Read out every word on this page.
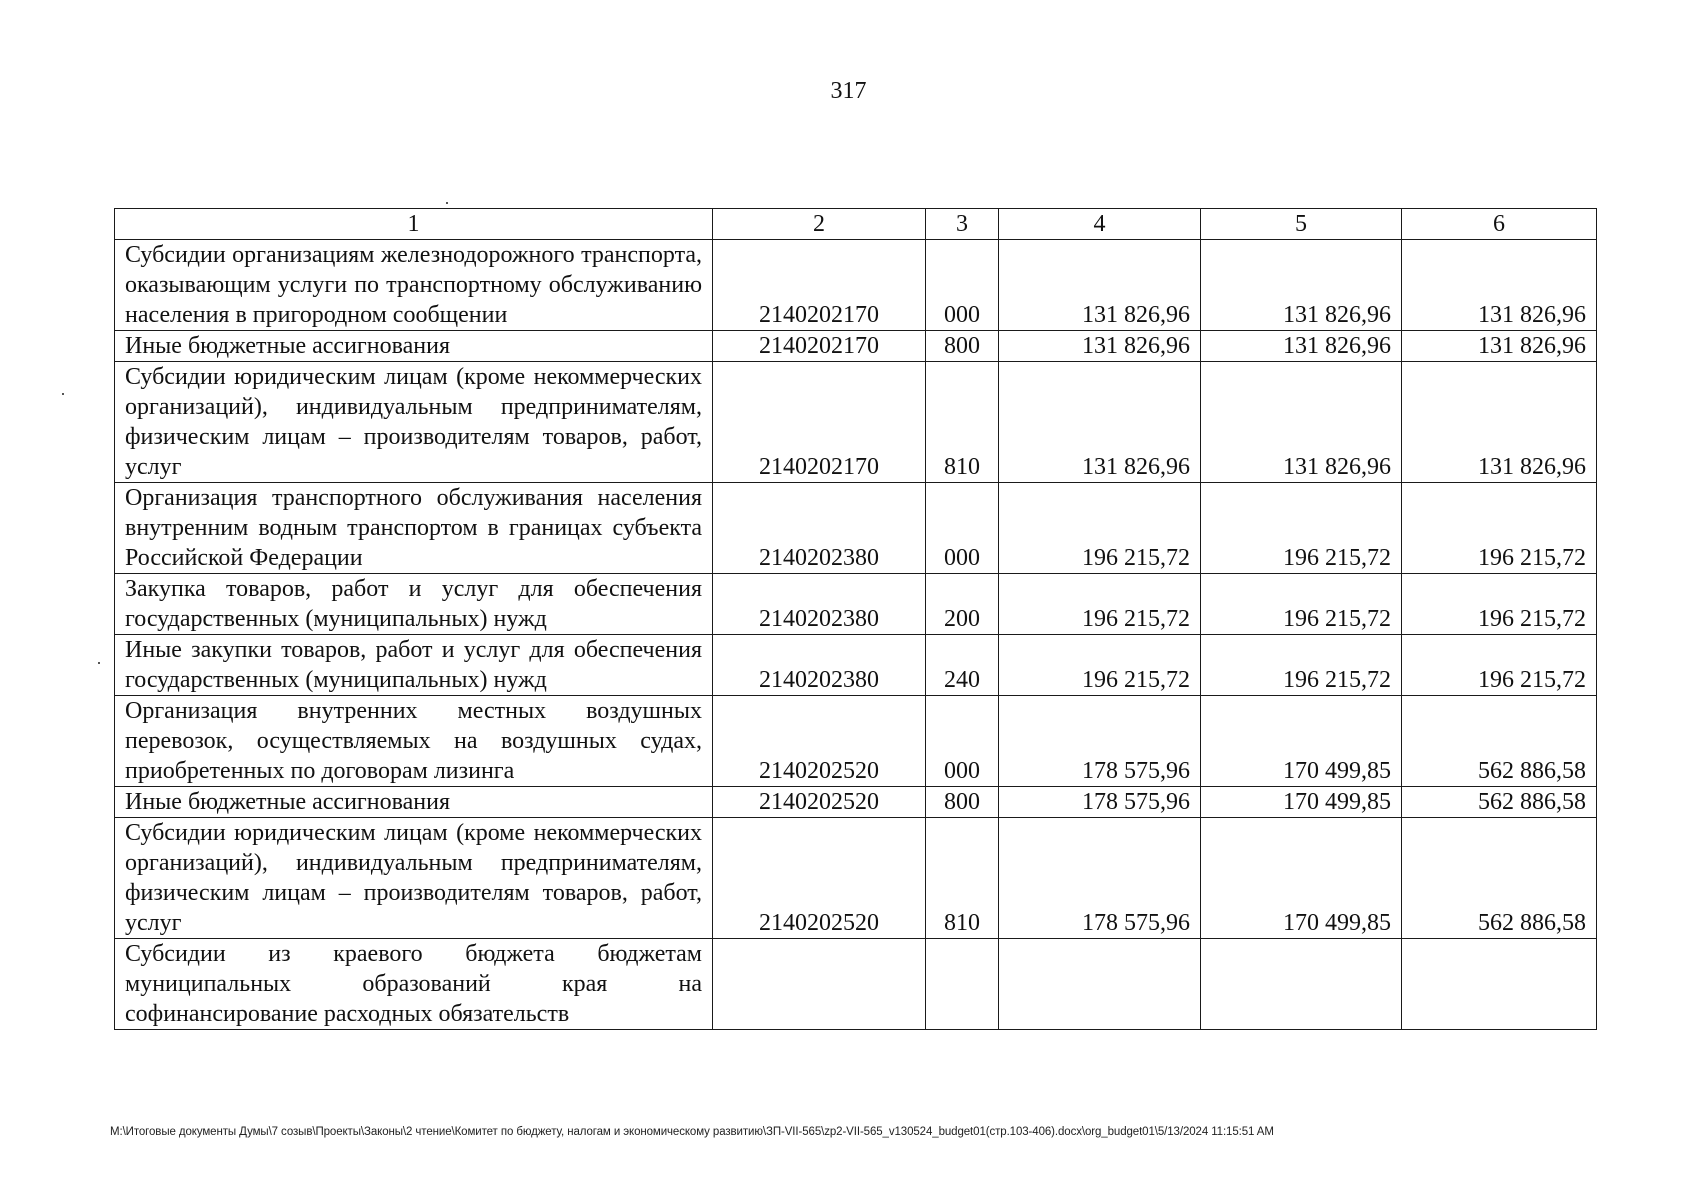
317
1	2	3	4	5	6
Субсидии организациям железнодорожного транспорта, оказывающим услуги по транспортному обслуживанию населения в пригородном сообщении	2140202170	000	131 826,96	131 826,96	131 826,96
Иные бюджетные ассигнования	2140202170	800	131 826,96	131 826,96	131 826,96
Субсидии юридическим лицам (кроме некоммерческих организаций), индивидуальным предпринимателям, физическим лицам – производителям товаров, работ, услуг	2140202170	810	131 826,96	131 826,96	131 826,96
Организация транспортного обслуживания населения внутренним водным транспортом в границах субъекта Российской Федерации	2140202380	000	196 215,72	196 215,72	196 215,72
Закупка товаров, работ и услуг для обеспечения государственных (муниципальных) нужд	2140202380	200	196 215,72	196 215,72	196 215,72
Иные закупки товаров, работ и услуг для обеспечения государственных (муниципальных) нужд	2140202380	240	196 215,72	196 215,72	196 215,72
Организация внутренних местных воздушных перевозок, осуществляемых на воздушных судах, приобретенных по договорам лизинга	2140202520	000	178 575,96	170 499,85	562 886,58
Иные бюджетные ассигнования	2140202520	800	178 575,96	170 499,85	562 886,58
Субсидии юридическим лицам (кроме некоммерческих организаций), индивидуальным предпринимателям, физическим лицам – производителям товаров, работ, услуг	2140202520	810	178 575,96	170 499,85	562 886,58
Субсидии из краевого бюджета бюджетам муниципальных образований края на софинансирование расходных обязательств					
M:\Итоговые документы Думы\7 созыв\Проекты\Законы\2 чтение\Комитет по бюджету, налогам и экономическому развитию\ЗП-VII-565\zp2-VII-565_v130524_budget01(стр.103-406).docx\org_budget01\5/13/2024 11:15:51 AM
